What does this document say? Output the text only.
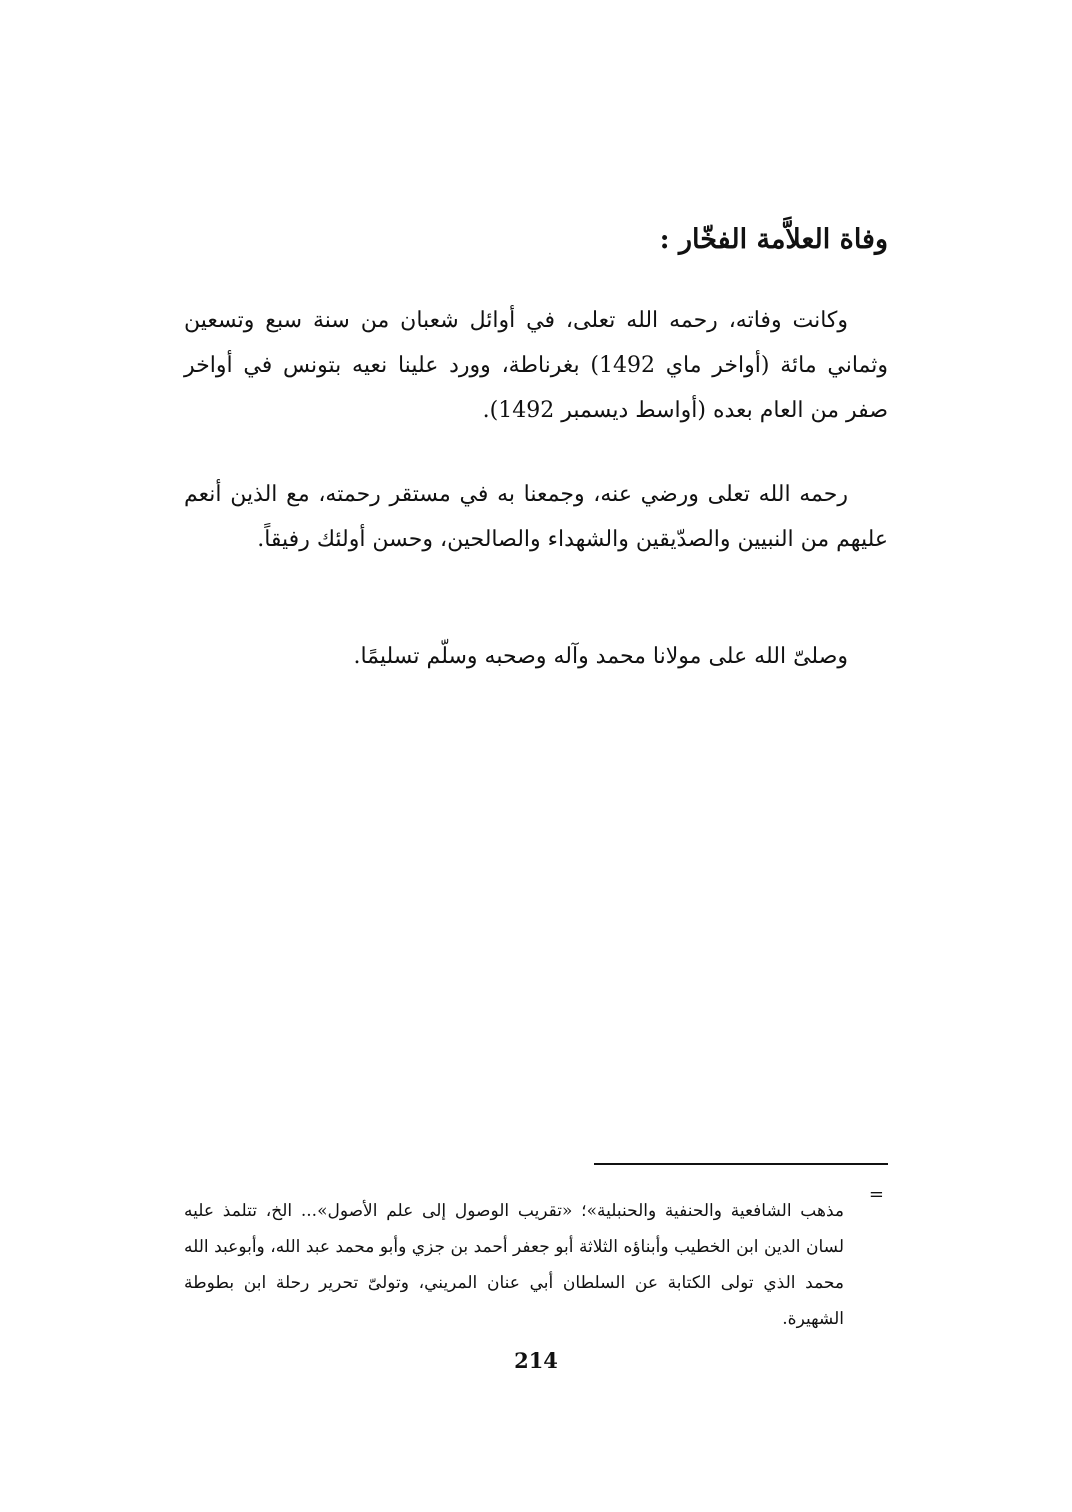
وفاة العلاَّمة الفخّار :

وكانت وفاته، رحمه الله تعلى، في أوائل شعبان من سنة سبع وتسعين وثماني مائة (أواخر ماي 1492) بغرناطة، وورد علينا نعيه بتونس في أواخر صفر من العام بعده (أواسط ديسمبر 1492).

رحمه الله تعلى ورضي عنه، وجمعنا به في مستقر رحمته، مع الذين أنعم عليهم من النبيين والصدّيقين والشهداء والصالحين، وحسن أولئك رفيقاً.

وصلىّ الله على مولانا محمد وآله وصحبه وسلّم تسليمًا.

=

مذهب الشافعية والحنفية والحنبلية»؛ «تقريب الوصول إلى علم الأصول»... الخ، تتلمذ عليه لسان الدين ابن الخطيب وأبناؤه الثلاثة أبو جعفر أحمد بن جزي وأبو محمد عبد الله، وأبوعبد الله محمد الذي تولى الكتابة عن السلطان أبي عنان المريني، وتولىّ تحرير رحلة ابن بطوطة الشهيرة.

214
